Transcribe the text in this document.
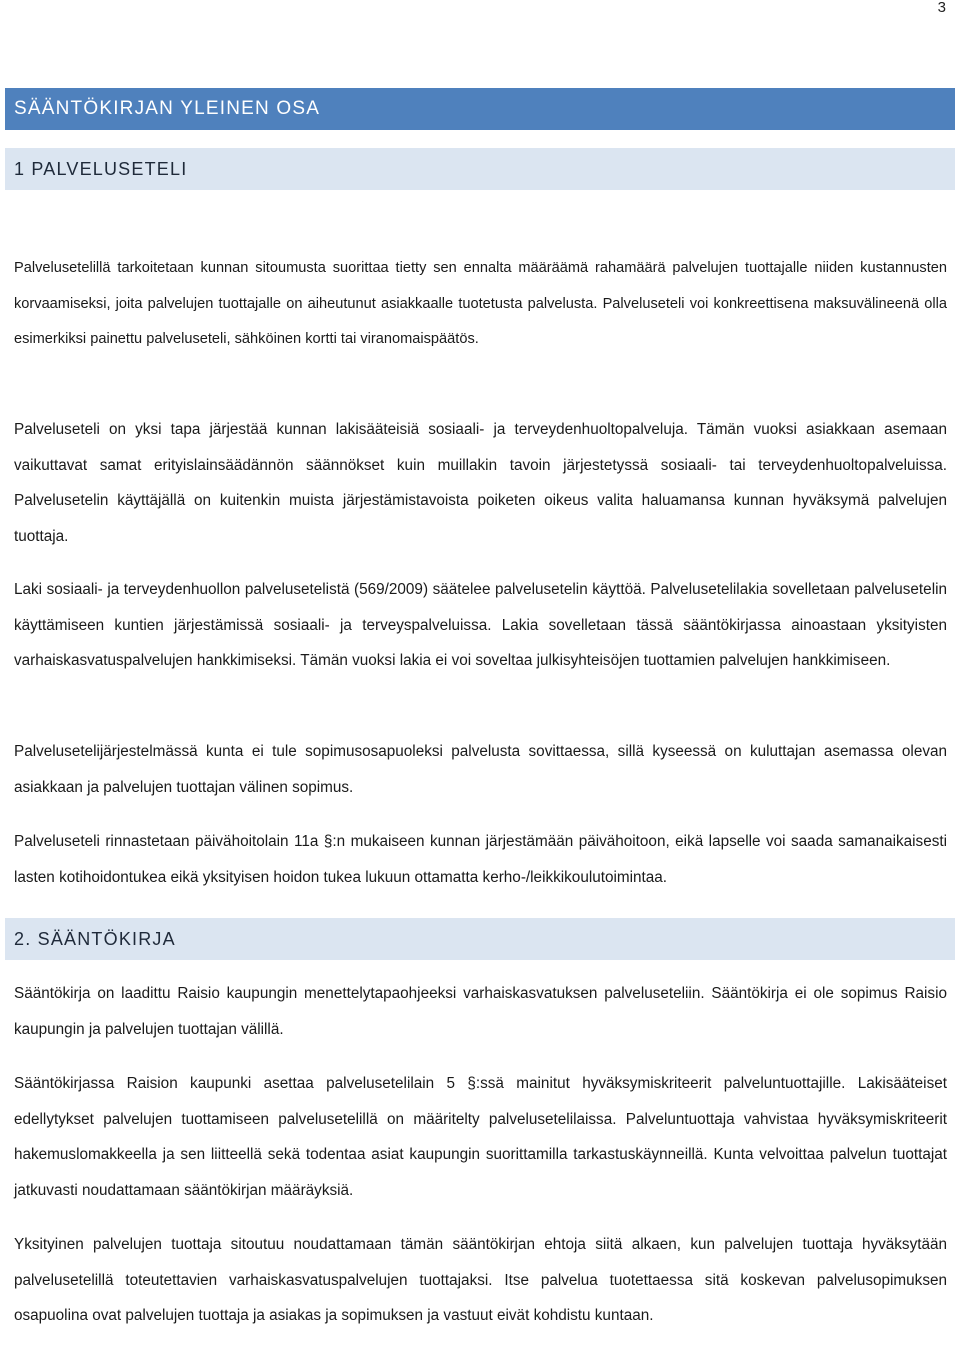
3
SÄÄNTÖKIRJAN YLEINEN OSA
1 PALVELUSETELI

Palvelusetelillä tarkoitetaan kunnan sitoumusta suorittaa tietty sen ennalta määräämä rahamäärä palvelujen tuottajalle niiden kustannusten korvaamiseksi, joita palvelujen tuottajalle on aiheutunut asiakkaalle tuotetusta palvelusta. Palveluseteli voi konkreettisena maksuvälineenä olla esimerkiksi painettu palveluseteli, sähköinen kortti tai viranomaispäätös.

Palveluseteli on yksi tapa järjestää kunnan lakisääteisiä sosiaali- ja terveydenhuoltopalveluja. Tämän vuoksi asiakkaan asemaan vaikuttavat samat erityislainsäädännön säännökset kuin muillakin tavoin järjestetyssä sosiaali- tai terveydenhuoltopalveluissa. Palvelusetelin käyttäjällä on kuitenkin muista järjestämistavoista poiketen oikeus valita haluamansa kunnan hyväksymä palvelujen tuottaja.

Laki sosiaali- ja terveydenhuollon palvelusetelistä (569/2009) säätelee palvelusetelin käyttöä. Palvelusetelilakia sovelletaan palvelusetelin käyttämiseen kuntien järjestämissä sosiaali- ja terveyspalveluissa. Lakia sovelletaan tässä sääntökirjassa ainoastaan yksityisten varhaiskasvatuspalvelujen hankkimiseksi. Tämän vuoksi lakia ei voi soveltaa julkisyhteisöjen tuottamien palvelujen hankkimiseen.

Palvelusetelijärjestelmässä kunta ei tule sopimusosapuoleksi palvelusta sovittaessa, sillä kyseessä on kuluttajan asemassa olevan asiakkaan ja palvelujen tuottajan välinen sopimus.

Palveluseteli rinnastetaan päivähoitolain 11a §:n mukaiseen kunnan järjestämään päivähoitoon, eikä lapselle voi saada samanaikaisesti lasten kotihoidontukea eikä yksityisen hoidon tukea lukuun ottamatta kerho-/leikkikoulutoimintaa.

2. SÄÄNTÖKIRJA

Sääntökirja on laadittu Raisio kaupungin menettelytapaohjeeksi varhaiskasvatuksen palveluseteliin. Sääntökirja ei ole sopimus Raisio kaupungin ja palvelujen tuottajan välillä.

Sääntökirjassa Raision kaupunki asettaa palvelusetelilain 5 §:ssä mainitut hyväksymiskriteerit palveluntuottajille. Lakisääteiset edellytykset palvelujen tuottamiseen palvelusetelillä on määritelty palvelusetelilaissa. Palveluntuottaja vahvistaa hyväksymiskriteerit hakemuslomakkeella ja sen liitteellä sekä todentaa asiat kaupungin suorittamilla tarkastuskäynneillä. Kunta velvoittaa palvelun tuottajat jatkuvasti noudattamaan sääntökirjan määräyksiä.

Yksityinen palvelujen tuottaja sitoutuu noudattamaan tämän sääntökirjan ehtoja siitä alkaen, kun palvelujen tuottaja hyväksytään palvelusetelillä toteutettavien varhaiskasvatuspalvelujen tuottajaksi. Itse palvelua tuotettaessa sitä koskevan palvelusopimuksen osapuolina ovat palvelujen tuottaja ja asiakas ja sopimuksen ja vastuut eivät kohdistu kuntaan.
